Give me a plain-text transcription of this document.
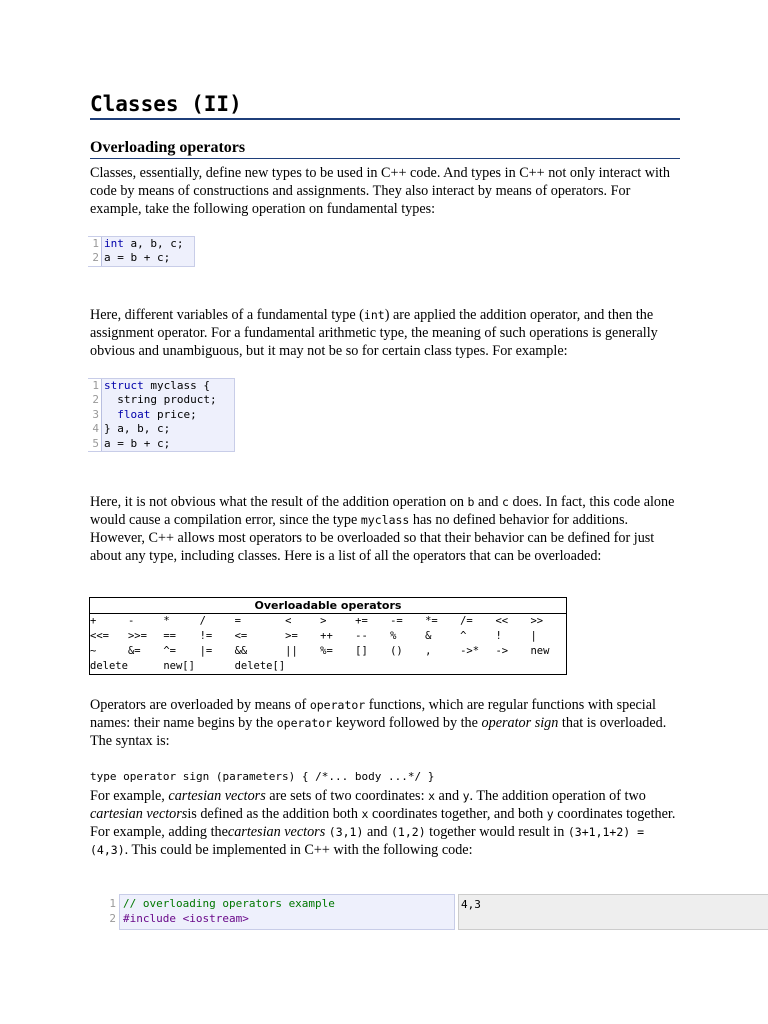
Classes (II)
Overloading operators
Classes, essentially, define new types to be used in C++ code. And types in C++ not only interact with code by means of constructions and assignments. They also interact by means of operators. For example, take the following operation on fundamental types:
1 int a, b, c;
2 a = b + c;
Here, different variables of a fundamental type (int) are applied the addition operator, and then the assignment operator. For a fundamental arithmetic type, the meaning of such operations is generally obvious and unambiguous, but it may not be so for certain class types. For example:
1 struct myclass {
2 string product;
3	float price;
4 } a, b, c;
5 a = b + c;
Here, it is not obvious what the result of the addition operation on b and c does. In fact, this code alone would cause a compilation error, since the type myclass has no defined behavior for additions. However, C++ allows most operators to be overloaded so that their behavior can be defined for just about any type, including classes. Here is a list of all the operators that can be overloaded:
Overloadable operators												
+	-	*	/	=	<	>	+=	-=	*=	/=	<<	>>
<<=	>>=	==	!=	<=	>=	++	--	%	&	^	!	|
~	&=	^=	|=	&&	||	%=	[]	()	,	->*	->	new
delete		new[]		delete[]								
Operators are overloaded by means of operator functions, which are regular functions with special names: their name begins by the operator keyword followed by the operator sign that is overloaded. The syntax is:
type operator sign (parameters) { /*... body ...*/ }
For example, cartesian vectors are sets of two coordinates: x and y. The addition operation of two cartesian vectorsis defined as the addition both x coordinates together, and both y coordinates together. For example, adding thecartesian vectors (3,1) and (1,2) together would result in (3+1,1+2) = (4,3). This could be implemented in C++ with the following code:
1
2
// overloading operators example
#include <iostream>
4,3
